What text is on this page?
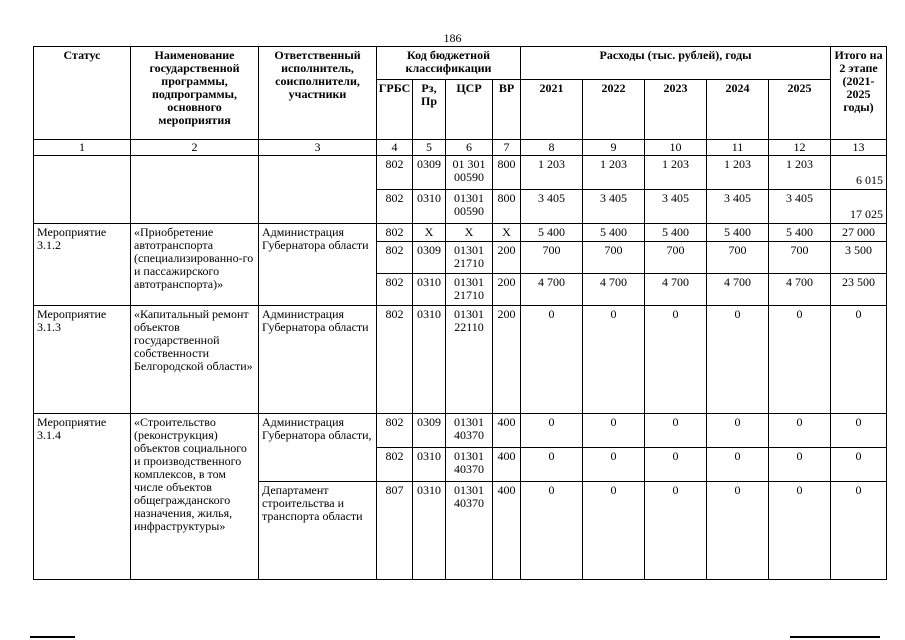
186
Статус	Наименование государственной программы, подпрограммы, основного мероприятия	Ответственный исполнитель, соисполнители, участники	Код бюджетной классификации				Расходы (тыс. рублей), годы					Итого на 2 этапе (2021-2025 годы)
			ГРБС	Рз, Пр	ЦСР	ВР	2021	2022	2023	2024	2025	
1	2	3	4	5	6	7	8	9	10	11	12	13
			802	0309	01 301 00590	800	1 203	1 203	1 203	1 203	1 203	6 015
			802	0310	01301 00590	800	3 405	3 405	3 405	3 405	3 405	17 025
Мероприятие 3.1.2	«Приобретение автотранспорта (специализированно-го и пассажирского автотранспорта)»	Администрация Губернатора области	802	Х	Х	Х	5 400	5 400	5 400	5 400	5 400	27 000
			802	0309	01301 21710	200	700	700	700	700	700	3 500
			802	0310	01301 21710	200	4 700	4 700	4 700	4 700	4 700	23 500
Мероприятие 3.1.3	«Капитальный ремонт объектов государственной собственности Белгородской области»	Администрация Губернатора области	802	0310	01301 22110	200	0	0	0	0	0	0
Мероприятие 3.1.4	«Строительство (реконструкция) объектов социального и производственного комплексов, в том числе объектов общегражданского назначения, жилья, инфраструктуры»	Администрация Губернатора области,	802	0309	01301 40370	400	0	0	0	0	0	0
			802	0310	01301 40370	400	0	0	0	0	0	0
		Департамент строительства и транспорта области	807	0310	01301 40370	400	0	0	0	0	0	0
